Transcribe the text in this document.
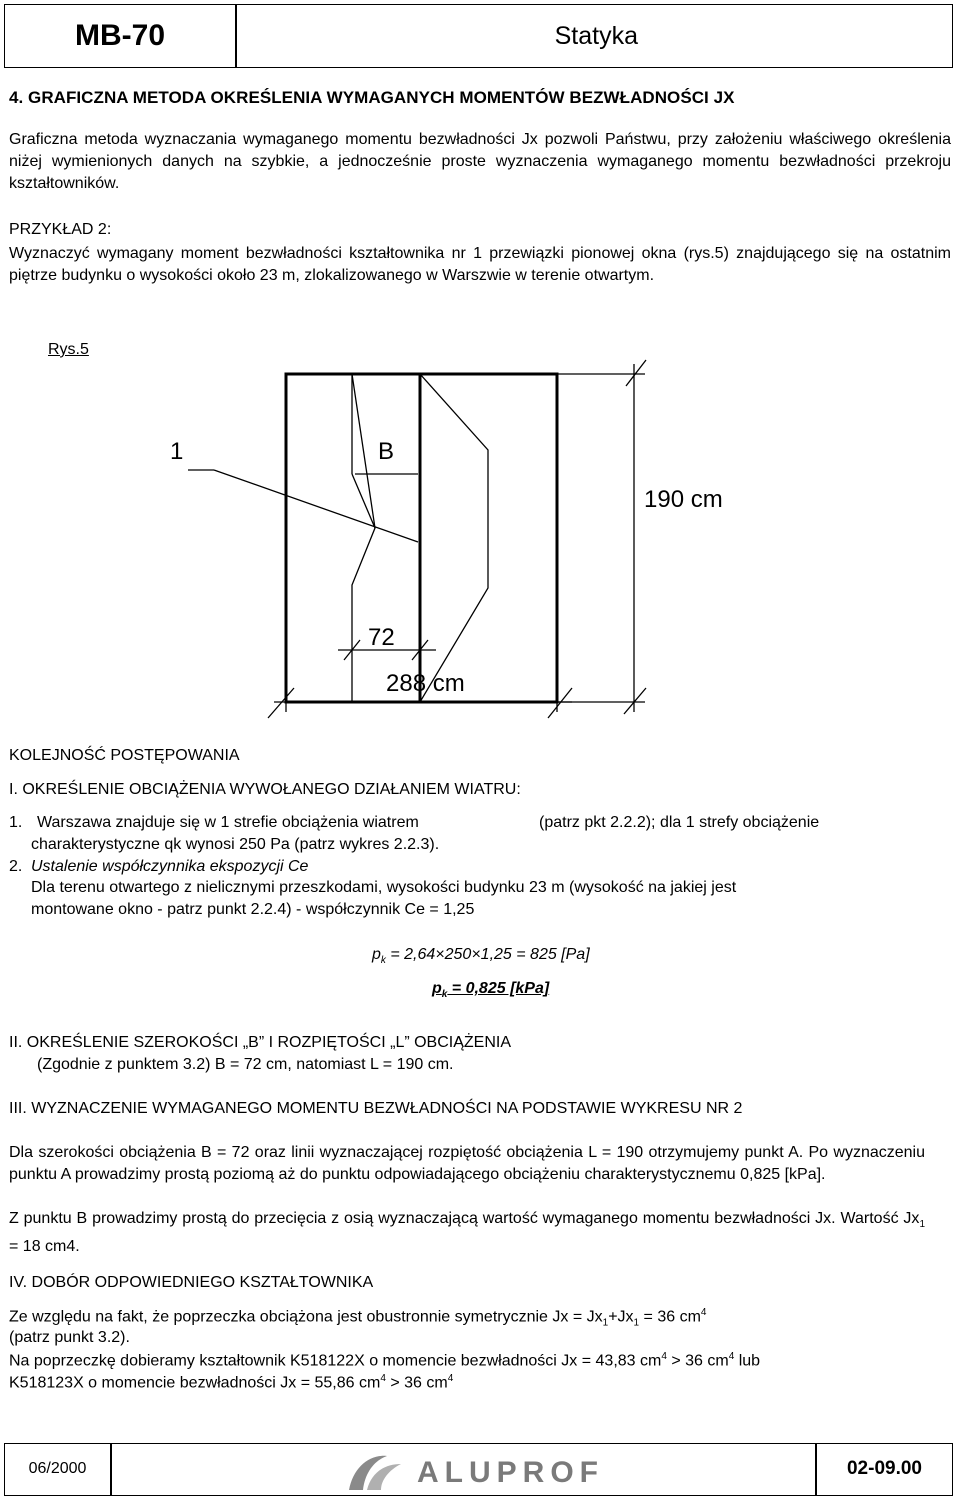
MB-70	Statyka
4. GRAFICZNA METODA OKREŚLENIA WYMAGANYCH MOMENTÓW BEZWŁADNOŚCI JX
Graficzna metoda wyznaczania wymaganego momentu bezwładności Jx pozwoli Państwu, przy założeniu właściwego określenia niżej wymienionych danych na szybkie, a jednocześnie proste wyznaczenia wymaganego momentu bezwładności przekroju kształtowników.
PRZYKŁAD 2:
Wyznaczyć wymagany moment bezwładności kształtownika nr 1 przewiązki pionowej okna (rys.5) znajdującego się na ostatnim piętrze budynku o wysokości około 23 m, zlokalizowanego w Warszwie w terenie otwartym.
Rys.5
1	B
190 cm
72
288 cm
KOLEJNOŚĆ POSTĘPOWANIA
I. OKREŚLENIE OBCIĄŻENIA WYWOŁANEGO DZIAŁANIEM WIATRU:
1. Warszawa znajduje się w 1 strefie obciążenia wiatrem	(patrz pkt 2.2.2); dla 1 strefy obciążenie
charakterystyczne qk wynosi 250 Pa (patrz wykres 2.2.3).
2. Ustalenie współczynnika ekspozycji Ce
Dla terenu otwartego z nielicznymi przeszkodami, wysokości budynku 23 m (wysokość na jakiej jest
montowane okno - patrz punkt 2.2.4) - współczynnik Ce = 1,25
$p_k = 2,64\times 250\times 1,25 = 825$ [Pa]
$p_k = 0,825$ [kPa]
II. OKREŚLENIE SZEROKOŚCI „B” I ROZPIĘTOŚCI „L” OBCIĄŻENIA
(Zgodnie z punktem 3.2) B = 72 cm, natomiast L = 190 cm.
III. WYZNACZENIE WYMAGANEGO MOMENTU BEZWŁADNOŚCI NA PODSTAWIE WYKRESU NR 2
Dla szerokości obciążenia B = 72 oraz linii wyznaczającej rozpiętość obciążenia L = 190 otrzymujemy punkt A. Po wyznaczeniu punktu A prowadzimy prostą poziomą aż do punktu odpowiadającego obciążeniu charakterystycznemu 0,825 [kPa].
Z punktu B prowadzimy prostą do przecięcia z osią wyznaczającą wartość wymaganego momentu bezwładności Jx. Wartość $Jx_1 = 18$ cm4.
IV. DOBÓR ODPOWIEDNIEGO KSZTAŁTOWNIKA
Ze względu na fakt, że poprzeczka obciążona jest obustronnie symetrycznie $Jx = Jx_1+Jx_1 = 36$ $cm^4$
(patrz punkt 3.2).
Na poprzeczkę dobieramy kształtownik K518122X o momencie bezwładności Jx = 43,83 $cm^4 > 36$ $cm^4$ lub
K518123X o momencie bezwładności Jx = 55,86 $cm^4 > 36$ $cm^4$
06/2000	ALUPROF	02-09.00
